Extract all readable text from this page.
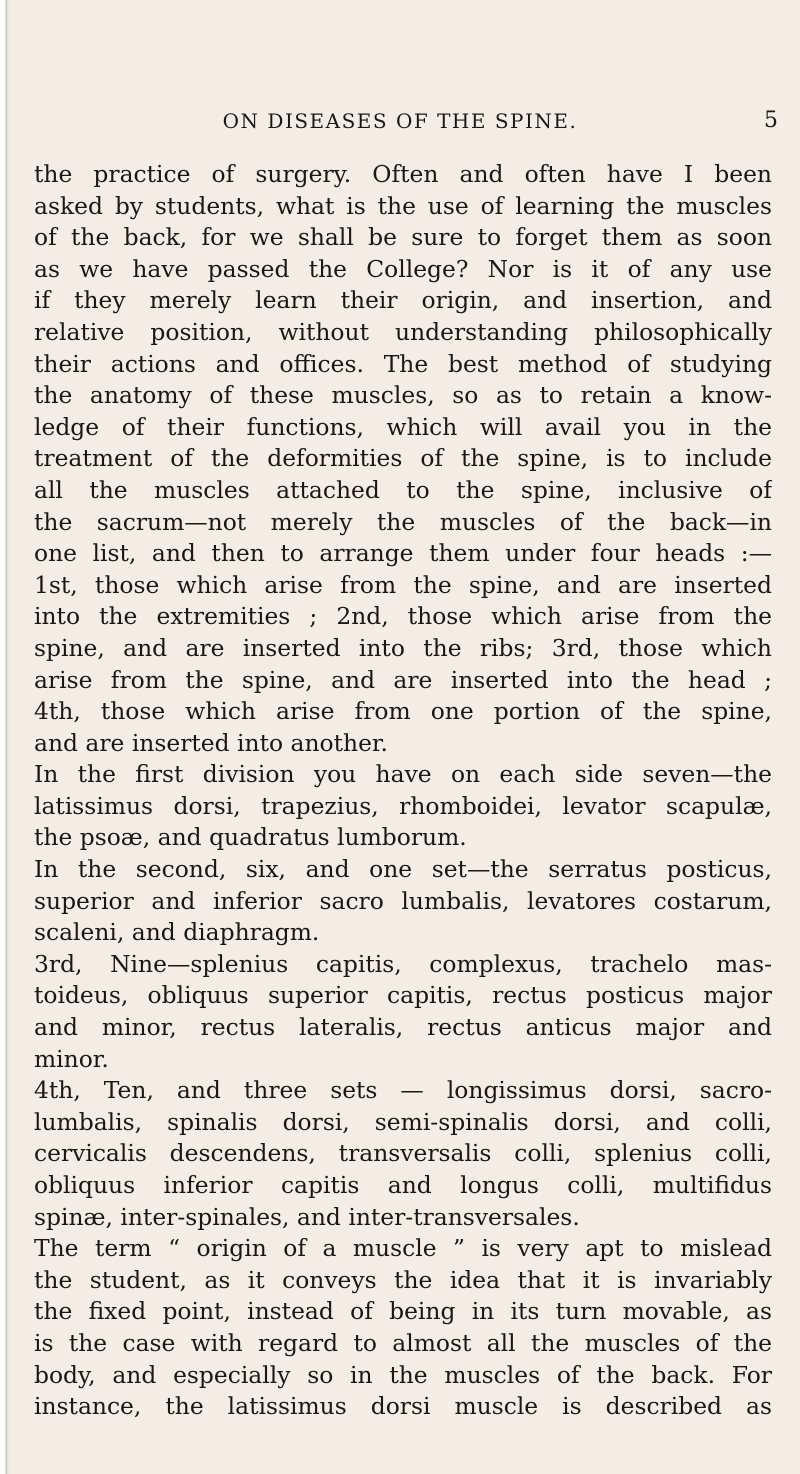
ON DISEASES OF THE SPINE.	5
the practice of surgery. Often and often have I been
asked by students, what is the use of learning the muscles
of the back, for we shall be sure to forget them as soon
as we have passed the College? Nor is it of any use
if they merely learn their origin, and insertion, and
relative position, without understanding philosophically
their actions and offices. The best method of studying
the anatomy of these muscles, so as to retain a know-
ledge of their functions, which will avail you in the
treatment of the deformities of the spine, is to include
all the muscles attached to the spine, inclusive of
the sacrum—not merely the muscles of the back—in
one list, and then to arrange them under four heads :—
1st, those which arise from the spine, and are inserted
into the extremities ; 2nd, those which arise from the
spine, and are inserted into the ribs; 3rd, those which
arise from the spine, and are inserted into the head ;
4th, those which arise from one portion of the spine,
and are inserted into another.
In the first division you have on each side seven—the
latissimus dorsi, trapezius, rhomboidei, levator scapulæ,
the psoæ, and quadratus lumborum.
In the second, six, and one set—the serratus posticus,
superior and inferior sacro lumbalis, levatores costarum,
scaleni, and diaphragm.
3rd, Nine—splenius capitis, complexus, trachelo mas-
toideus, obliquus superior capitis, rectus posticus major
and minor, rectus lateralis, rectus anticus major and
minor.
4th, Ten, and three sets — longissimus dorsi, sacro-
lumbalis, spinalis dorsi, semi-spinalis dorsi, and colli,
cervicalis descendens, transversalis colli, splenius colli,
obliquus inferior capitis and longus colli, multifidus
spinæ, inter-spinales, and inter-transversales.
The term “ origin of a muscle ” is very apt to mislead
the student, as it conveys the idea that it is invariably
the fixed point, instead of being in its turn movable, as
is the case with regard to almost all the muscles of the
body, and especially so in the muscles of the back. For
instance, the latissimus dorsi muscle is described as
